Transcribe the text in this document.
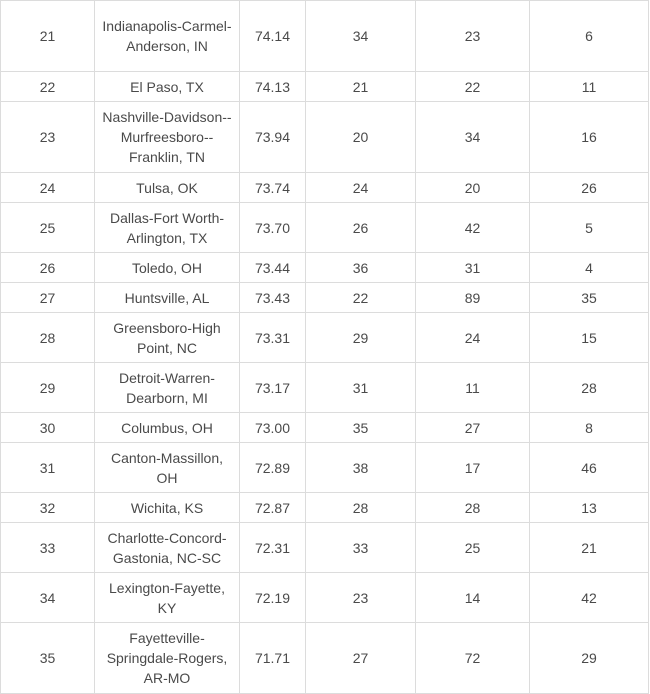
21	Indianapolis-Carmel-Anderson, IN	74.14	34	23	6
22	El Paso, TX	74.13	21	22	11
23	Nashville-Davidson--Murfreesboro--Franklin, TN	73.94	20	34	16
24	Tulsa, OK	73.74	24	20	26
25	Dallas-Fort Worth-Arlington, TX	73.70	26	42	5
26	Toledo, OH	73.44	36	31	4
27	Huntsville, AL	73.43	22	89	35
28	Greensboro-High Point, NC	73.31	29	24	15
29	Detroit-Warren-Dearborn, MI	73.17	31	11	28
30	Columbus, OH	73.00	35	27	8
31	Canton-Massillon, OH	72.89	38	17	46
32	Wichita, KS	72.87	28	28	13
33	Charlotte-Concord-Gastonia, NC-SC	72.31	33	25	21
34	Lexington-Fayette, KY	72.19	23	14	42
35	Fayetteville-Springdale-Rogers, AR-MO	71.71	27	72	29
